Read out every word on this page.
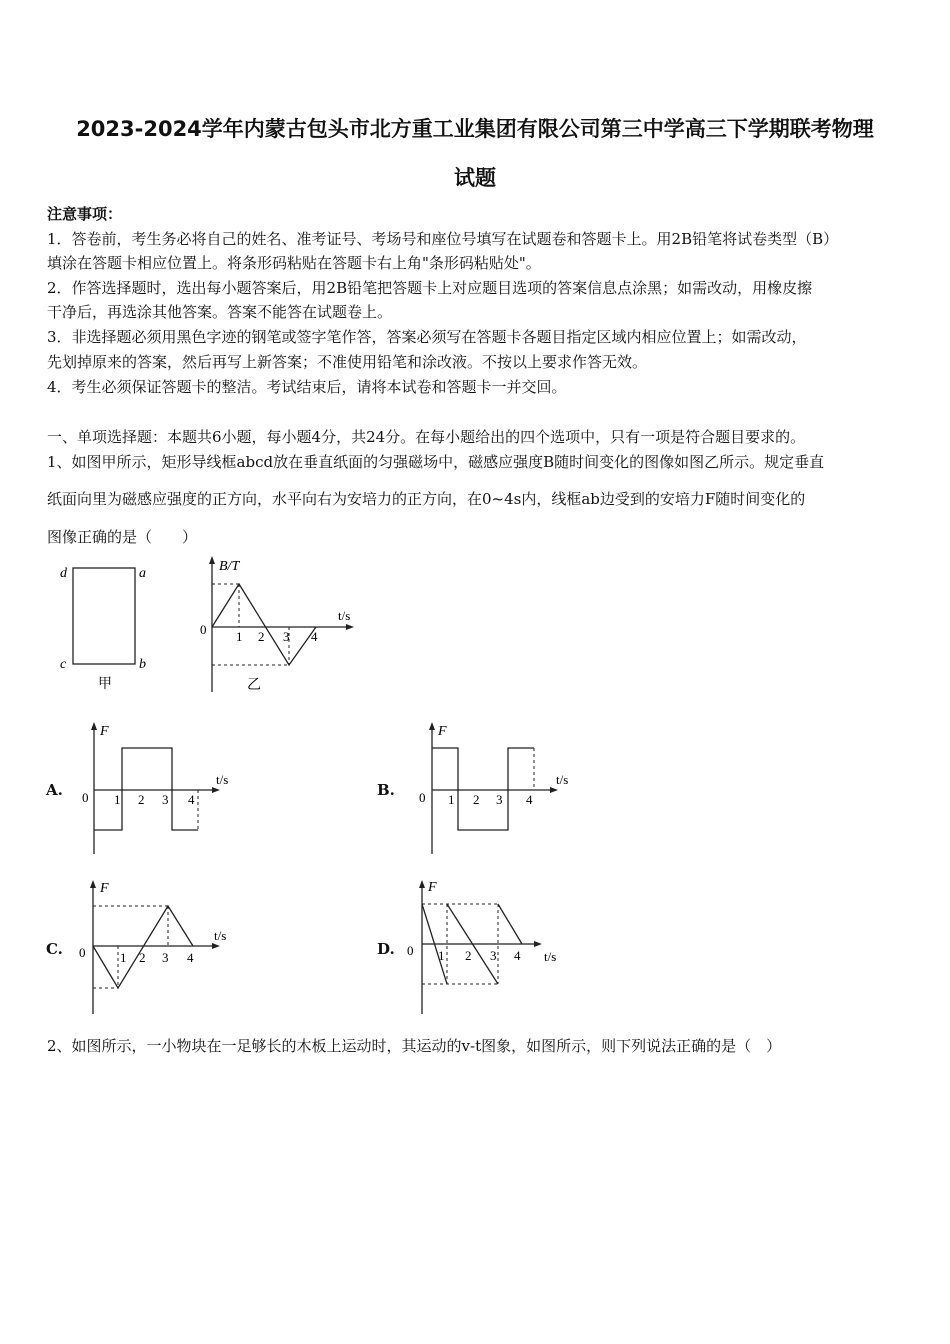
2023-2024学年内蒙古包头市北方重工业集团有限公司第三中学高三下学期联考物理
试题
注意事项：
1．答卷前，考生务必将自己的姓名、准考证号、考场号和座位号填写在试题卷和答题卡上。用2B铅笔将试卷类型（B）
填涂在答题卡相应位置上。将条形码粘贴在答题卡右上角"条形码粘贴处"。
2．作答选择题时，选出每小题答案后，用2B铅笔把答题卡上对应题目选项的答案信息点涂黑；如需改动，用橡皮擦
干净后，再选涂其他答案。答案不能答在试题卷上。
3．非选择题必须用黑色字迹的钢笔或签字笔作答，答案必须写在答题卡各题目指定区域内相应位置上；如需改动，
先划掉原来的答案，然后再写上新答案；不准使用铅笔和涂改液。不按以上要求作答无效。
4．考生必须保证答题卡的整洁。考试结束后，请将本试卷和答题卡一并交回。
一、单项选择题：本题共6小题，每小题4分，共24分。在每小题给出的四个选项中，只有一项是符合题目要求的。
1、如图甲所示，矩形导线框abcd放在垂直纸面的匀强磁场中，磁感应强度B随时间变化的图像如图乙所示。规定垂直
纸面向里为磁感应强度的正方向，水平向右为安培力的正方向，在0~4s内，线框ab边受到的安培力F随时间变化的
图像正确的是（　　）
d	a
c	b
甲
B/T
t/s
0 1 2 3 4
乙
A.
F
t/s
0 1 2 3 4
B.
F
t/s
0 1 2 3 4
C.
F
t/s
0	1 2 3 4	D.
F
t/s
0 1 2 3 4
2、如图所示，一小物块在一足够长的木板上运动时，其运动的v-t图象，如图所示，则下列说法正确的是（　）
